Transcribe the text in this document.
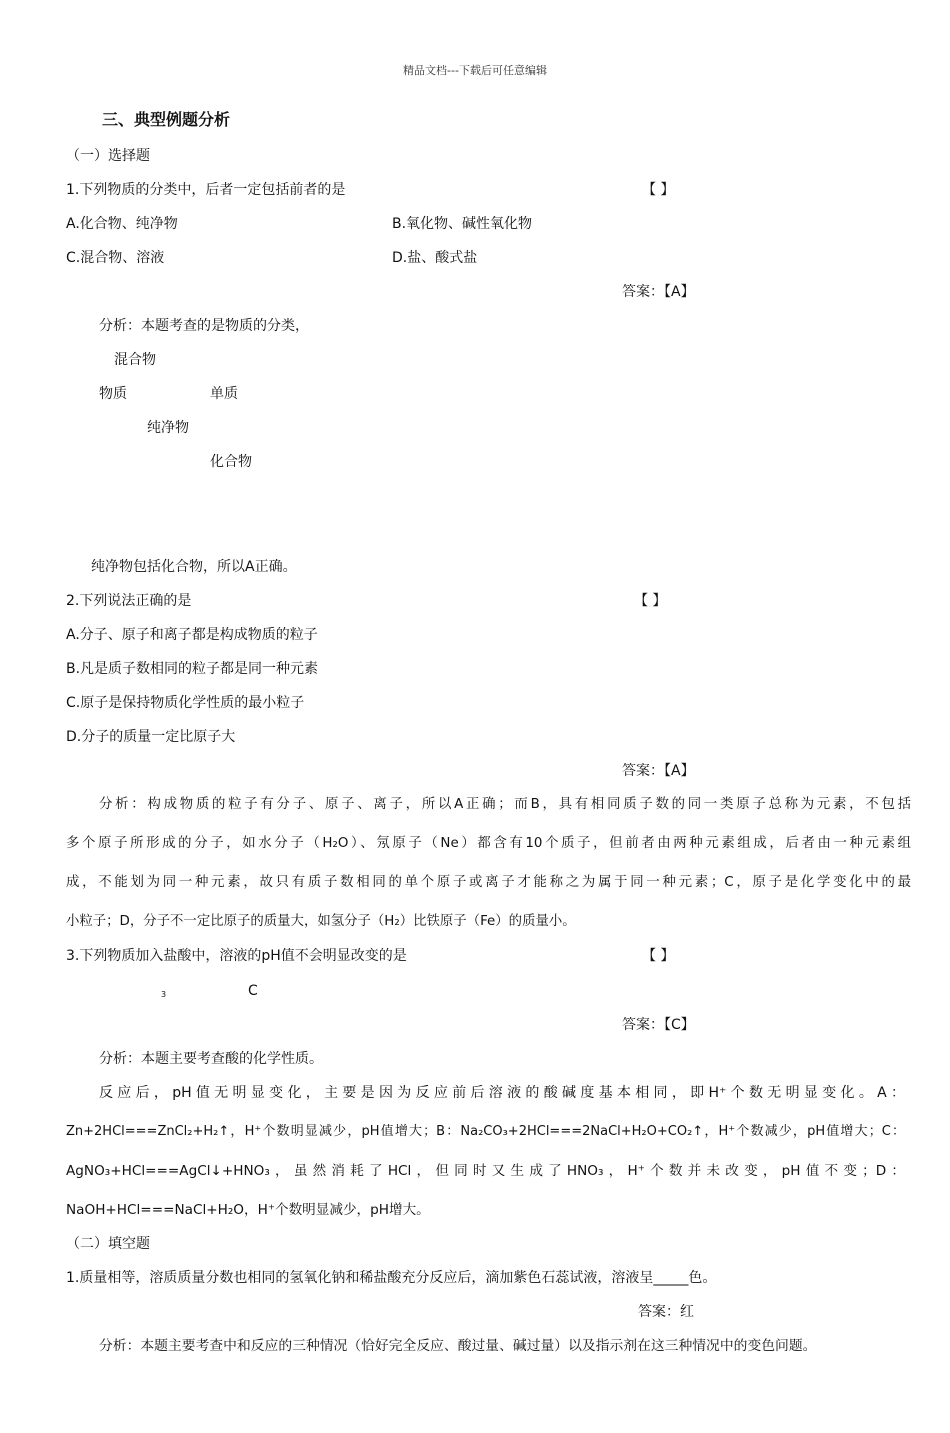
精品文档---下载后可任意编辑
三、典型例题分析
（一）选择题
1.下列物质的分类中，后者一定包括前者的是	【 】
A.化合物、纯净物	B.氧化物、碱性氧化物
C.混合物、溶液	D.盐、酸式盐
答案：【A】
分析：本题考查的是物质的分类，
混合物
物质	单质
纯净物
化合物
纯净物包括化合物，所以A正确。
2.下列说法正确的是	【 】
A.分子、原子和离子都是构成物质的粒子
B.凡是质子数相同的粒子都是同一种元素
C.原子是保持物质化学性质的最小粒子
D.分子的质量一定比原子大
答案：【A】
分析：构成物质的粒子有分子、原子、离子，所以A正确；而B，具有相同质子数的同一类原子总称为元素，不包括
多个原子所形成的分子，如水分子（H₂O）、氖原子（Ne）都含有10个质子，但前者由两种元素组成，后者由一种元素组
成，不能划为同一种元素，故只有质子数相同的单个原子或离子才能称之为属于同一种元素；C，原子是化学变化中的最
小粒子；D，分子不一定比原子的质量大，如氢分子（H₂）比铁原子（Fe）的质量小。
3.下列物质加入盐酸中，溶液的pH值不会明显改变的是	【 】
3	C
答案：【C】
分析：本题主要考查酸的化学性质。
反应后，pH值无明显变化，主要是因为反应前后溶液的酸碱度基本相同，即H⁺个数无明显变化。A：
Zn+2HCl===ZnCl₂+H₂↑，H⁺个数明显减少，pH值增大；B：Na₂CO₃+2HCl===2NaCl+H₂O+CO₂↑，H⁺个数减少，pH值增大；C：
AgNO₃+HCl===AgCl↓+HNO₃，虽然消耗了HCl，但同时又生成了HNO₃，H⁺个数并未改变，pH值不变；D：
NaOH+HCl===NaCl+H₂O，H⁺个数明显减少，pH增大。
（二）填空题
1.质量相等，溶质质量分数也相同的氢氧化钠和稀盐酸充分反应后，滴加紫色石蕊试液，溶液呈_____色。
答案：红
分析：本题主要考查中和反应的三种情况（恰好完全反应、酸过量、碱过量）以及指示剂在这三种情况中的变色问题。
